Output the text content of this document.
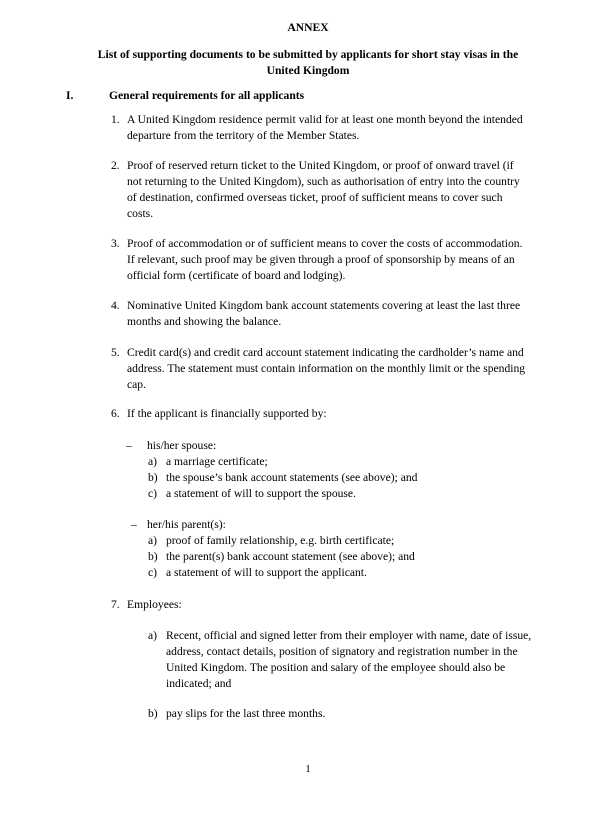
ANNEX
List of supporting documents to be submitted by applicants for short stay visas in the
United Kingdom
I.	General requirements for all applicants
1. A United Kingdom residence permit valid for at least one month beyond the intended
departure from the territory of the Member States.
2. Proof of reserved return ticket to the United Kingdom, or proof of onward travel (if
not returning to the United Kingdom), such as authorisation of entry into the country
of destination, confirmed overseas ticket, proof of sufficient means to cover such
costs.
3. Proof of accommodation or of sufficient means to cover the costs of accommodation.
If relevant, such proof may be given through a proof of sponsorship by means of an
official form (certificate of board and lodging).
4. Nominative United Kingdom bank account statements covering at least the last three
months and showing the balance.
5. Credit card(s) and credit card account statement indicating the cardholder’s name and
address. The statement must contain information on the monthly limit or the spending
cap.
6. If the applicant is financially supported by:
– his/her spouse:
a) a marriage certificate;
b) the spouse’s bank account statements (see above); and
c) a statement of will to support the spouse.
– her/his parent(s):
a) proof of family relationship, e.g. birth certificate;
b) the parent(s) bank account statement (see above); and
c) a statement of will to support the applicant.
7. Employees:
a) Recent, official and signed letter from their employer with name, date of issue,
address, contact details, position of signatory and registration number in the
United Kingdom. The position and salary of the employee should also be
indicated; and
b) pay slips for the last three months.
1
